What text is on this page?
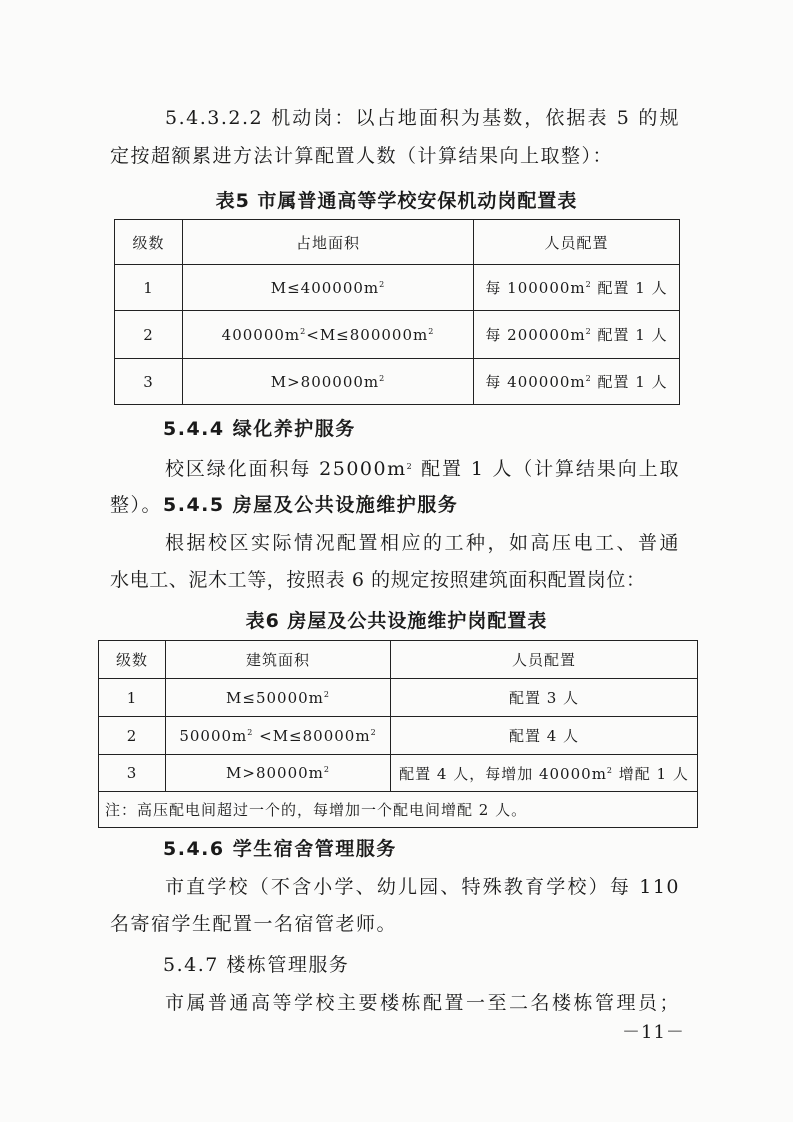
5.4.3.2.2 机动岗：以占地面积为基数，依据表 5 的规

定按超额累进方法计算配置人数（计算结果向上取整）：

表5 市属普通高等学校安保机动岗配置表

级数	占地面积	人员配置
1	$M\le 400000m^2$	每 $100000m^2$ 配置 1 人
2	$400000m^2<M\le 800000m^2$	每 $200000m^2$ 配置 1 人
3	$M>800000m^2$	每 $400000m^2$ 配置 1 人

5.4.4 绿化养护服务

校区绿化面积每 $25000m^2$ 配置 1 人（计算结果向上取整）。 5.4.5 房屋及公共设施维护服务

根据校区实际情况配置相应的工种，如高压电工、普通

水电工、泥木工等，按照表 6 的规定按照建筑面积配置岗位：

表6 房屋及公共设施维护岗配置表

级数	建筑面积	人员配置
1	$M\le 50000m^2$	配置 3 人
2	$50000m^2 <M\le 80000m^2$	配置 4 人
3	$M>80000m^2$	配置 4 人，每增加 $40000m^2$ 增配 1 人
注：高压配电间超过一个的，每增加一个配电间增配 2 人。		

5.4.6 学生宿舍管理服务

市直学校（不含小学、幼儿园、特殊教育学校）每 110

名寄宿学生配置一名宿管老师。

5.4.7 楼栋管理服务

市属普通高等学校主要楼栋配置一至二名楼栋管理员；

－11－
